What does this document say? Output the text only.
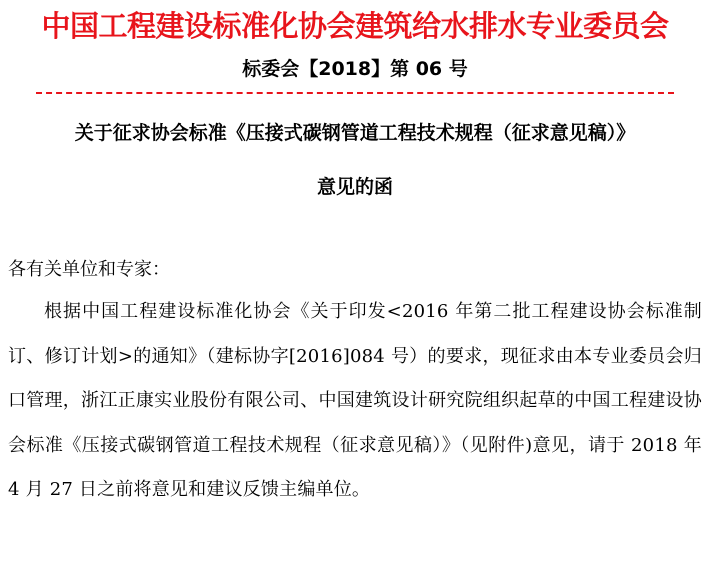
中国工程建设标准化协会建筑给水排水专业委员会
标委会【2018】第 06 号
关于征求协会标准《压接式碳钢管道工程技术规程（征求意见稿）》
意见的函
各有关单位和专家：
根据中国工程建设标准化协会《关于印发<2016 年第二批工程建设协会标准制订、修订计划>的通知》（建标协字[2016]084 号）的要求，现征求由本专业委员会归口管理，浙江正康实业股份有限公司、中国建筑设计研究院组织起草的中国工程建设协会标准《压接式碳钢管道工程技术规程（征求意见稿）》（见附件)意见，请于 2018 年 4 月 27 日之前将意见和建议反馈主编单位。
